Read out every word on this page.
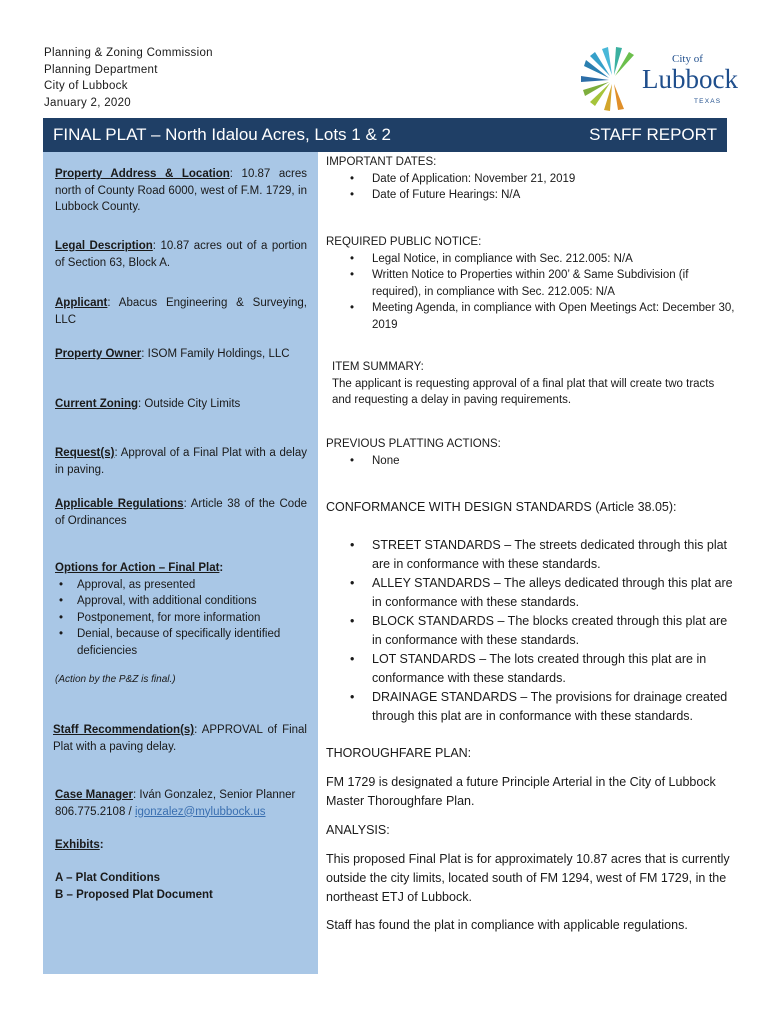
Planning & Zoning Commission
Planning Department
City of Lubbock
January 2, 2020
City of
Lubbock
TEXAS
FINAL PLAT – North Idalou Acres, Lots 1 & 2	STAFF REPORT
Property Address & Location: 10.87 acres north of County Road 6000, west of F.M. 1729, in Lubbock County.
Legal Description: 10.87 acres out of a portion of Section 63, Block A.
Applicant: Abacus Engineering & Surveying, LLC
Property Owner: ISOM Family Holdings, LLC
Current Zoning: Outside City Limits
Request(s): Approval of a Final Plat with a delay in paving.
Applicable Regulations: Article 38 of the Code of Ordinances
Options for Action – Final Plat:
• Approval, as presented
• Approval, with additional conditions
• Postponement, for more information
• Denial, because of specifically identified deficiencies
(Action by the P&Z is final.)
Staff Recommendation(s): APPROVAL of Final Plat with a paving delay.
Case Manager: Iván Gonzalez, Senior Planner
806.775.2108 / igonzalez@mylubbock.us
Exhibits:
A – Plat Conditions
B – Proposed Plat Document
IMPORTANT DATES:
• Date of Application: November 21, 2019
• Date of Future Hearings: N/A
REQUIRED PUBLIC NOTICE:
• Legal Notice, in compliance with Sec. 212.005: N/A
• Written Notice to Properties within 200’ & Same Subdivision (if required), in compliance with Sec. 212.005: N/A
• Meeting Agenda, in compliance with Open Meetings Act: December 30, 2019
ITEM SUMMARY:
The applicant is requesting approval of a final plat that will create two tracts and requesting a delay in paving requirements.
PREVIOUS PLATTING ACTIONS:
• None
CONFORMANCE WITH DESIGN STANDARDS (Article 38.05):
• STREET STANDARDS – The streets dedicated through this plat are in conformance with these standards.
• ALLEY STANDARDS – The alleys dedicated through this plat are in conformance with these standards.
• BLOCK STANDARDS – The blocks created through this plat are in conformance with these standards.
• LOT STANDARDS – The lots created through this plat are in conformance with these standards.
• DRAINAGE STANDARDS – The provisions for drainage created through this plat are in conformance with these standards.
THOROUGHFARE PLAN:
FM 1729 is designated a future Principle Arterial in the City of Lubbock Master Thoroughfare Plan.
ANALYSIS:
This proposed Final Plat is for approximately 10.87 acres that is currently outside the city limits, located south of FM 1294, west of FM 1729, in the northeast ETJ of Lubbock.
Staff has found the plat in compliance with applicable regulations.
